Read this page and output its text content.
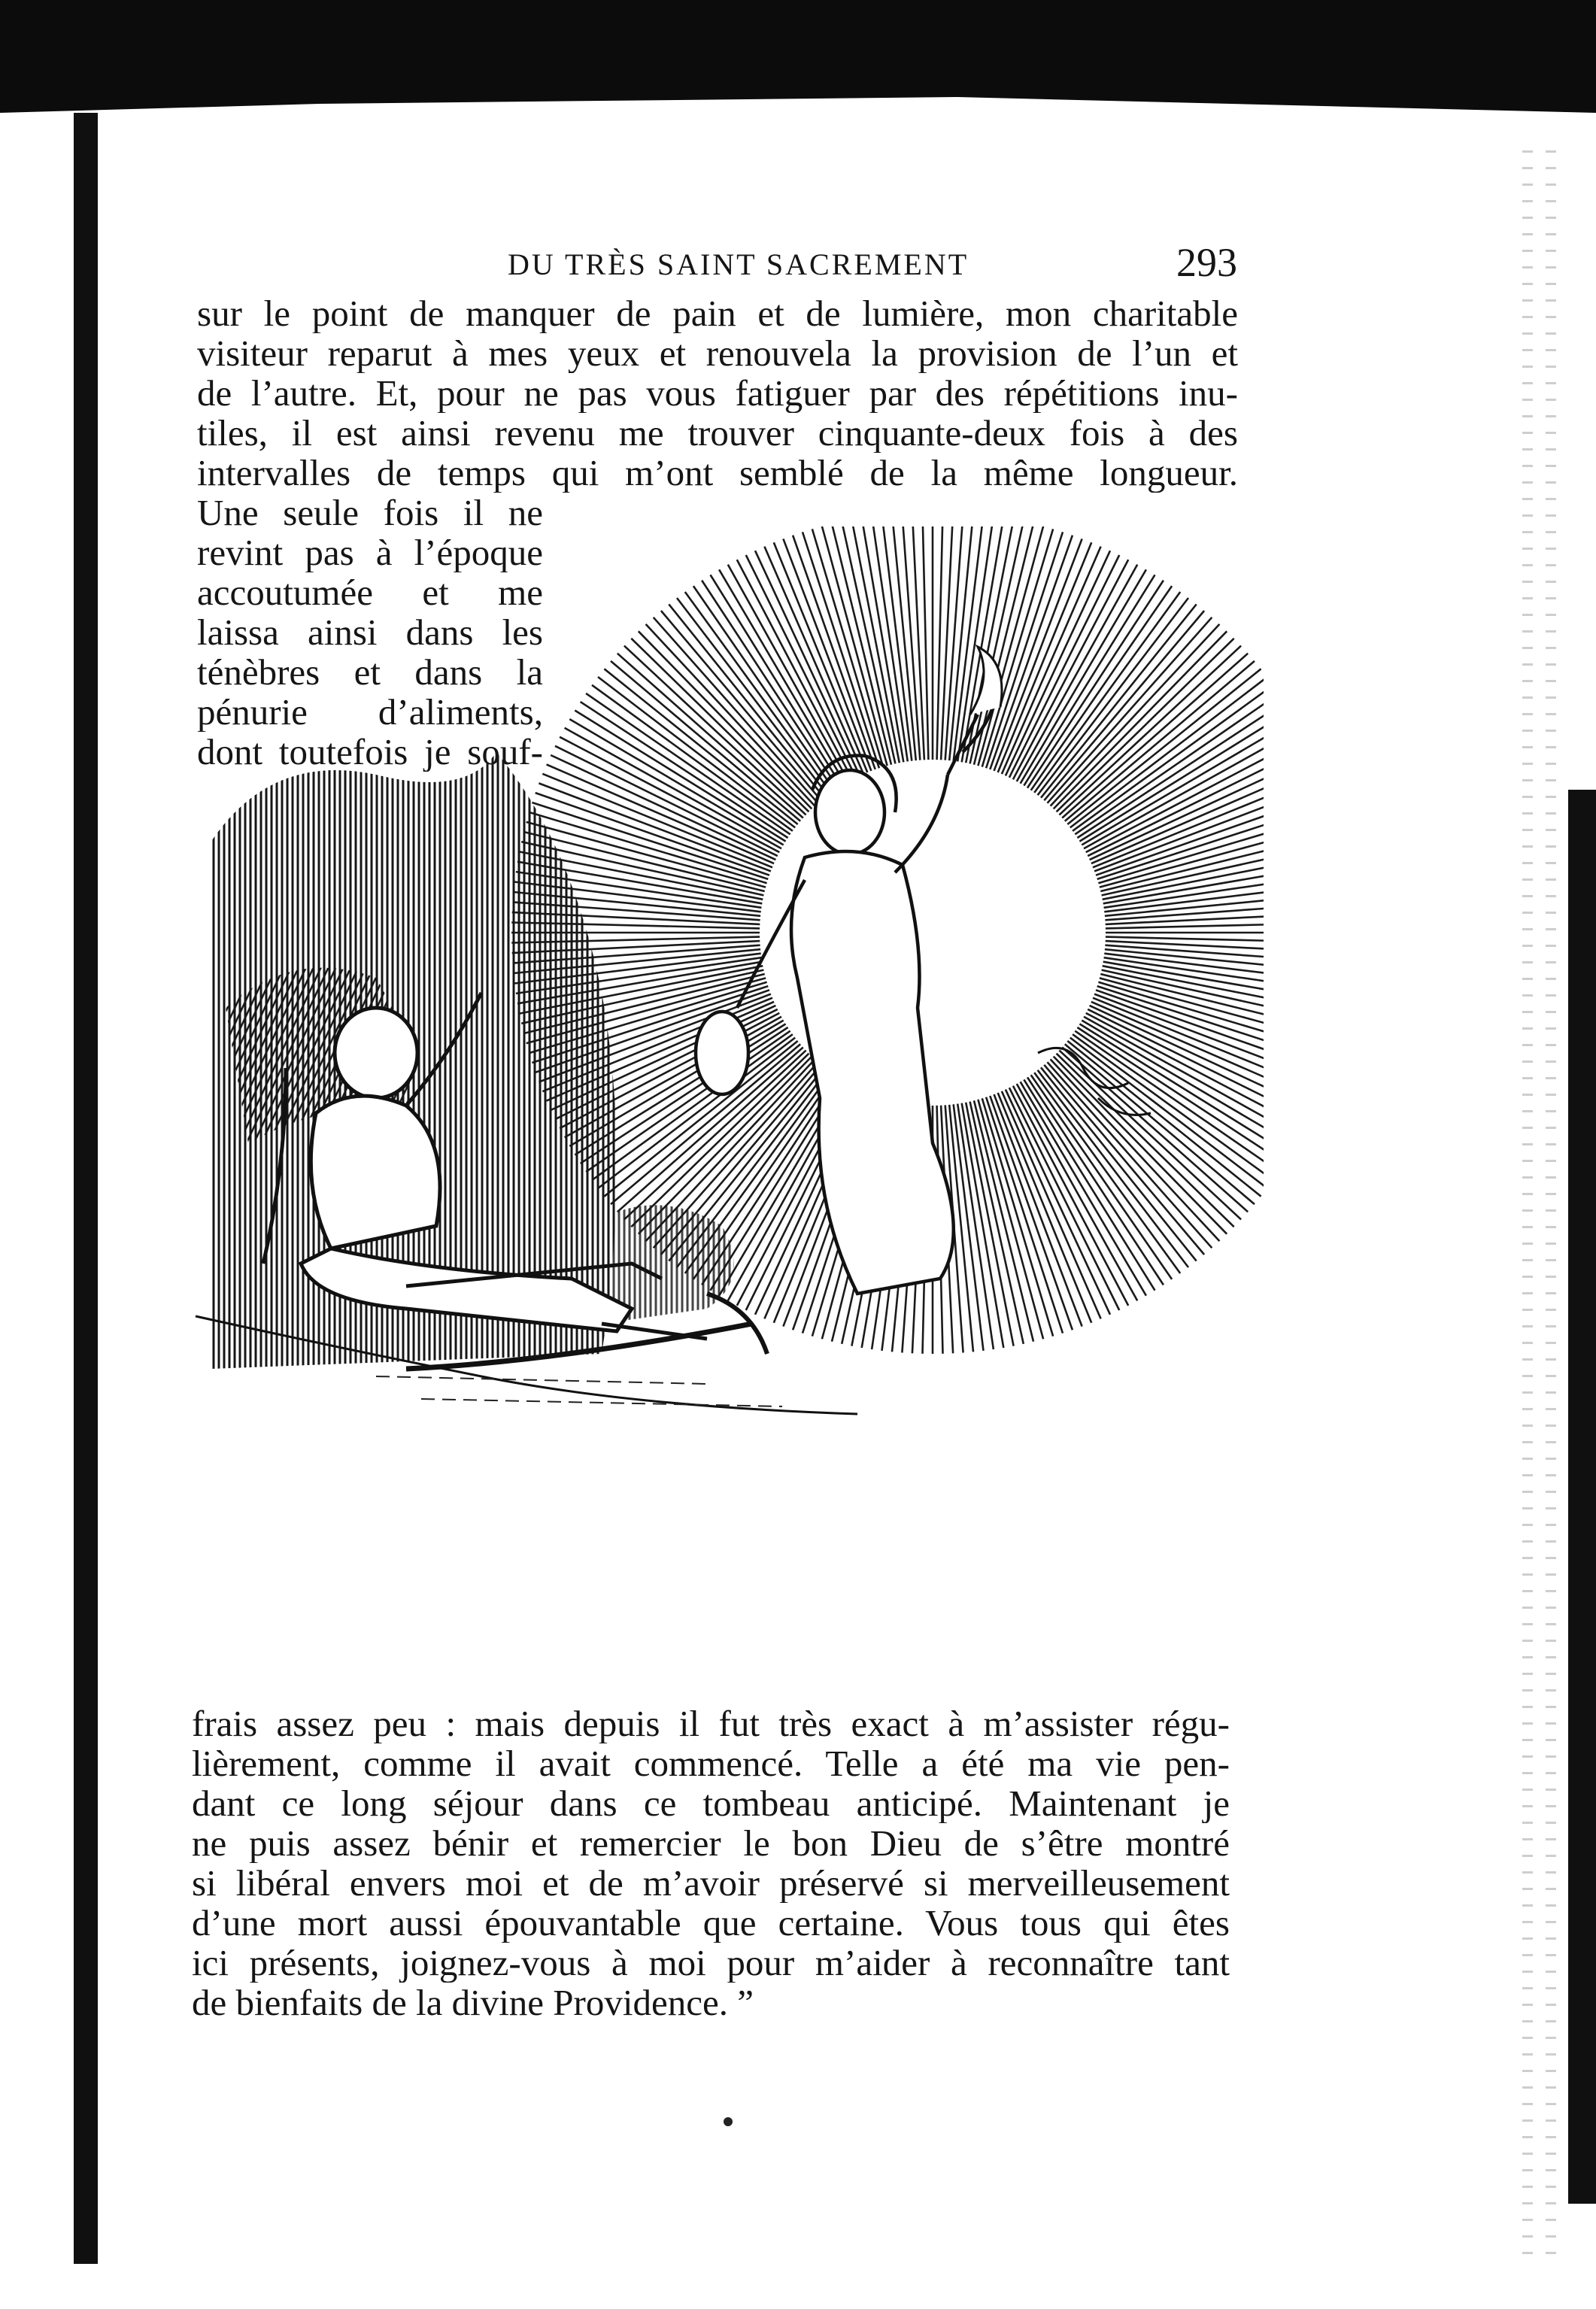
DU TRÈS SAINT SACREMENT	293
sur le point de manquer de pain et de lumière, mon charitable
visiteur reparut à mes yeux et renouvela la provision de l’un et
de l’autre. Et, pour ne pas vous fatiguer par des répétitions inu-
tiles, il est ainsi revenu me trouver cinquante-deux fois à des
intervalles de temps qui m’ont semblé de la même longueur.
Une seule fois il ne
revint pas à l’époque
accoutumée et me
laissa ainsi dans les
ténèbres et dans la
pénurie d’aliments,
dont toutefois je souf-
frais assez peu : mais depuis il fut très exact à m’assister régu-
lièrement, comme il avait commencé. Telle a été ma vie pen-
dant ce long séjour dans ce tombeau anticipé. Maintenant je
ne puis assez bénir et remercier le bon Dieu de s’être montré
si libéral envers moi et de m’avoir préservé si merveilleusement
d’une mort aussi épouvantable que certaine. Vous tous qui êtes
ici présents, joignez-vous à moi pour m’aider à reconnaître tant
de bienfaits de la divine Providence. ”
